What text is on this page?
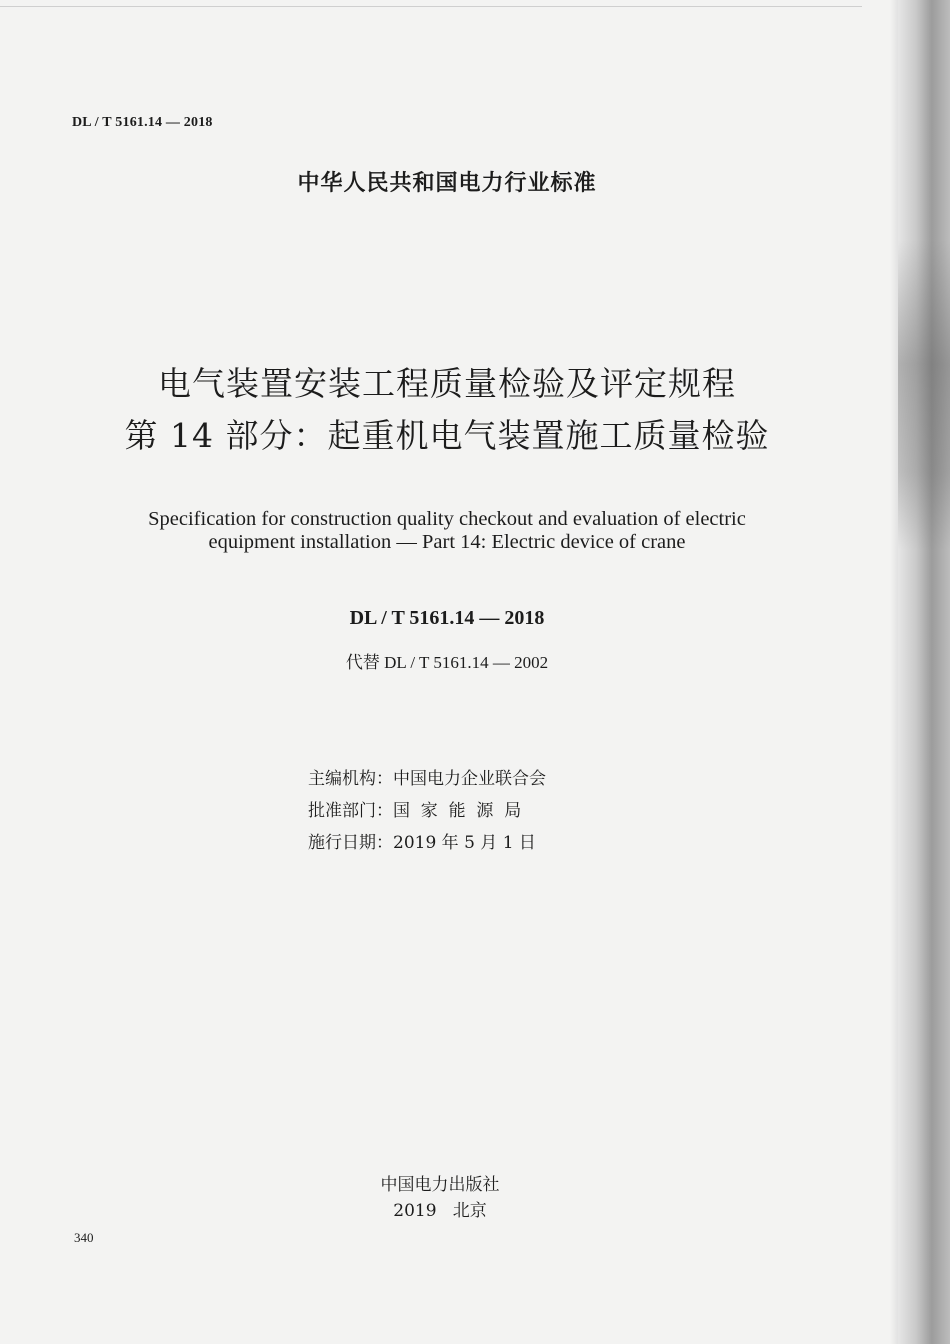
DL / T 5161.14 — 2018
中华人民共和国电力行业标准
电气装置安装工程质量检验及评定规程
第 14 部分：起重机电气装置施工质量检验
Specification for construction quality checkout and evaluation of electric
equipment installation — Part 14: Electric device of crane
DL / T 5161.14 — 2018
代替 DL / T 5161.14 — 2002
主编机构：中国电力企业联合会
批准部门：国  家  能  源  局
施行日期：2019 年 5 月 1 日
中国电力出版社
2019   北京
340
